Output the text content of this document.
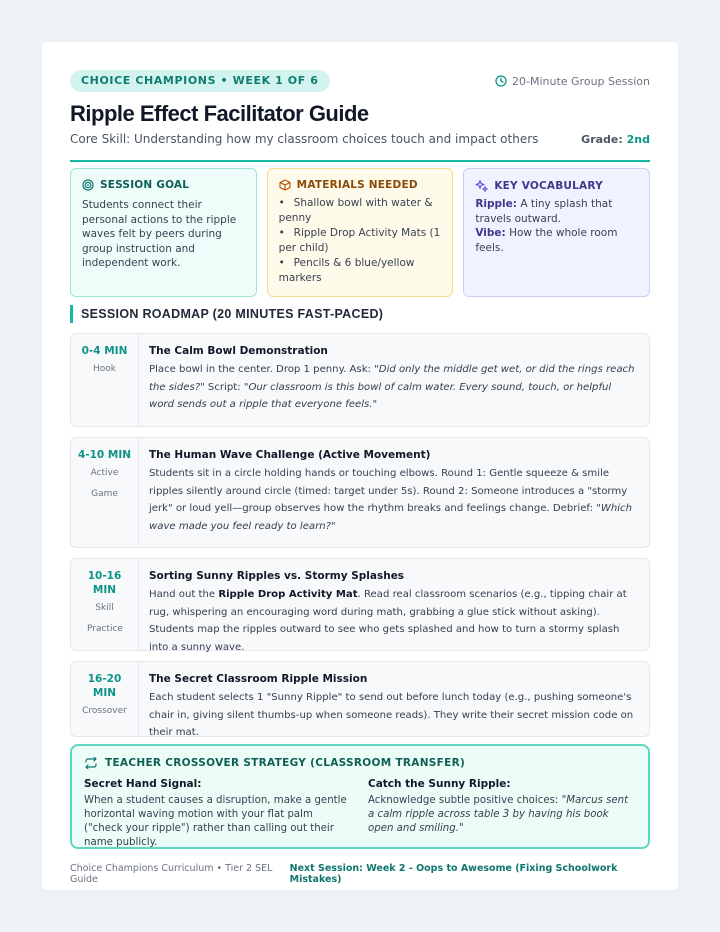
CHOICE CHAMPIONS • WEEK 1 OF 6	20-Minute Group Session
Ripple Effect Facilitator Guide
Core Skill: Understanding how my classroom choices touch and impact others	Grade: 2nd
SESSION GOAL
Students connect their personal actions to the ripple waves felt by peers during group instruction and independent work.
MATERIALS NEEDED
• Shallow bowl with water & penny
• Ripple Drop Activity Mats (1 per child)
• Pencils & 6 blue/yellow markers
KEY VOCABULARY
Ripple: A tiny splash that travels outward.
Vibe: How the whole room feels.
SESSION ROADMAP (20 MINUTES FAST-PACED)
0-4 MIN
Hook
The Calm Bowl Demonstration
Place bowl in the center. Drop 1 penny. Ask: "Did only the middle get wet, or did the rings reach the sides?" Script: "Our classroom is this bowl of calm water. Every sound, touch, or helpful word sends out a ripple that everyone feels."
4-10 MIN
Active Game
The Human Wave Challenge (Active Movement)
Students sit in a circle holding hands or touching elbows. Round 1: Gentle squeeze & smile ripples silently around circle (timed: target under 5s). Round 2: Someone introduces a "stormy jerk" or loud yell—group observes how the rhythm breaks and feelings change. Debrief: "Which wave made you feel ready to learn?"
10-16 MIN
Skill Practice
Sorting Sunny Ripples vs. Stormy Splashes
Hand out the Ripple Drop Activity Mat. Read real classroom scenarios (e.g., tipping chair at rug, whispering an encouraging word during math, grabbing a glue stick without asking). Students map the ripples outward to see who gets splashed and how to turn a stormy splash into a sunny wave.
16-20 MIN
Crossover
The Secret Classroom Ripple Mission
Each student selects 1 "Sunny Ripple" to send out before lunch today (e.g., pushing someone's chair in, giving silent thumbs-up when someone reads). They write their secret mission code on their mat.
TEACHER CROSSOVER STRATEGY (CLASSROOM TRANSFER)
Secret Hand Signal:
When a student causes a disruption, make a gentle horizontal waving motion with your flat palm ("check your ripple") rather than calling out their name publicly.
Catch the Sunny Ripple:
Acknowledge subtle positive choices: "Marcus sent a calm ripple across table 3 by having his book open and smiling."
Choice Champions Curriculum • Tier 2 SEL Guide
Next Session: Week 2 - Oops to Awesome (Fixing Schoolwork Mistakes)
